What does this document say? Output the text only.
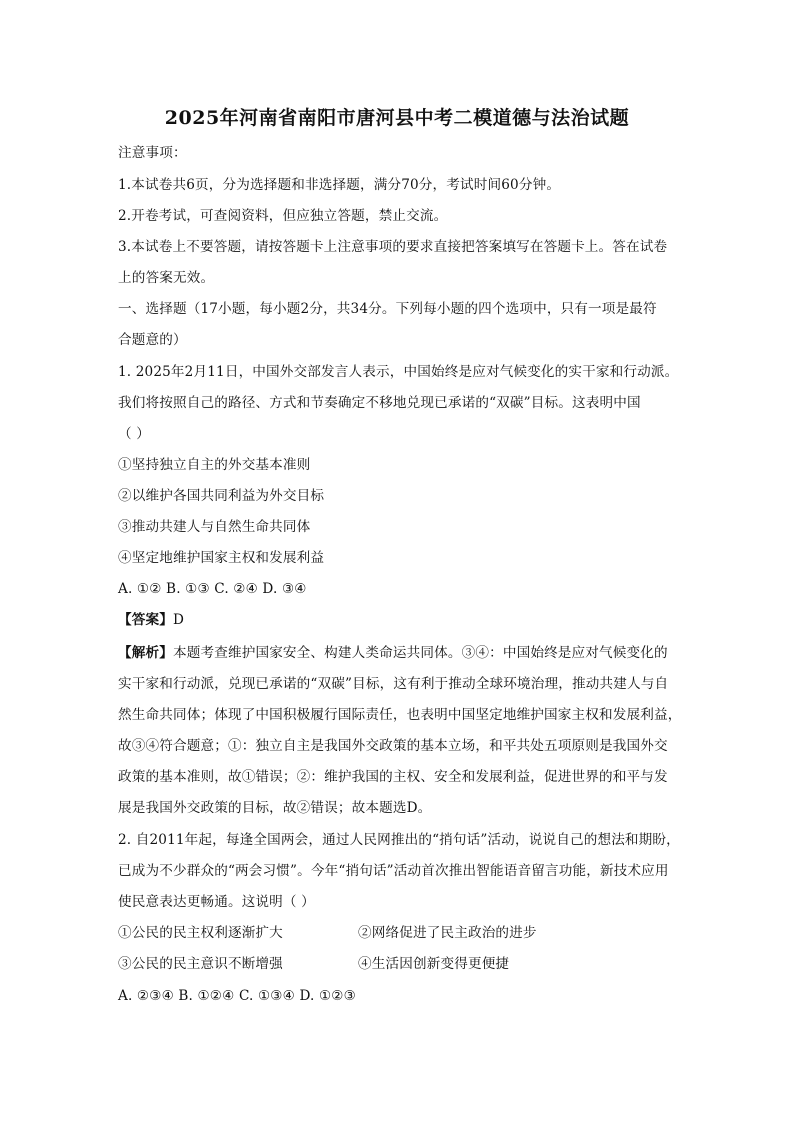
2025年河南省南阳市唐河县中考二模道德与法治试题
注意事项：
1.本试卷共6页，分为选择题和非选择题，满分70分，考试时间60分钟。
2.开卷考试，可查阅资料，但应独立答题，禁止交流。
3.本试卷上不要答题，请按答题卡上注意事项的要求直接把答案填写在答题卡上。答在试卷
上的答案无效。
一、选择题（17小题，每小题2分，共34分。下列每小题的四个选项中，只有一项是最符
合题意的）
1. 2025年2月11日，中国外交部发言人表示，中国始终是应对气候变化的实干家和行动派。
我们将按照自己的路径、方式和节奏确定不移地兑现已承诺的“双碳”目标。这表明中国
（ ）
①坚持独立自主的外交基本准则
②以维护各国共同利益为外交目标
③推动共建人与自然生命共同体
④坚定地维护国家主权和发展利益
A. ①② B. ①③ C. ②④ D. ③④
【答案】D
【解析】本题考查维护国家安全、构建人类命运共同体。③④：中国始终是应对气候变化的
实干家和行动派，兑现已承诺的“双碳”目标，这有利于推动全球环境治理，推动共建人与自
然生命共同体；体现了中国积极履行国际责任，也表明中国坚定地维护国家主权和发展利益，
故③④符合题意；①：独立自主是我国外交政策的基本立场，和平共处五项原则是我国外交
政策的基本准则，故①错误；②：维护我国的主权、安全和发展利益，促进世界的和平与发
展是我国外交政策的目标，故②错误；故本题选D。
2. 自2011年起，每逢全国两会，通过人民网推出的“捎句话”活动，说说自己的想法和期盼，
已成为不少群众的“两会习惯”。今年“捎句话”活动首次推出智能语音留言功能，新技术应用
使民意表达更畅通。这说明（ ）
①公民的民主权利逐渐扩大	②网络促进了民主政治的进步
③公民的民主意识不断增强	④生活因创新变得更便捷
A. ②③④ B. ①②④ C. ①③④ D. ①②③
